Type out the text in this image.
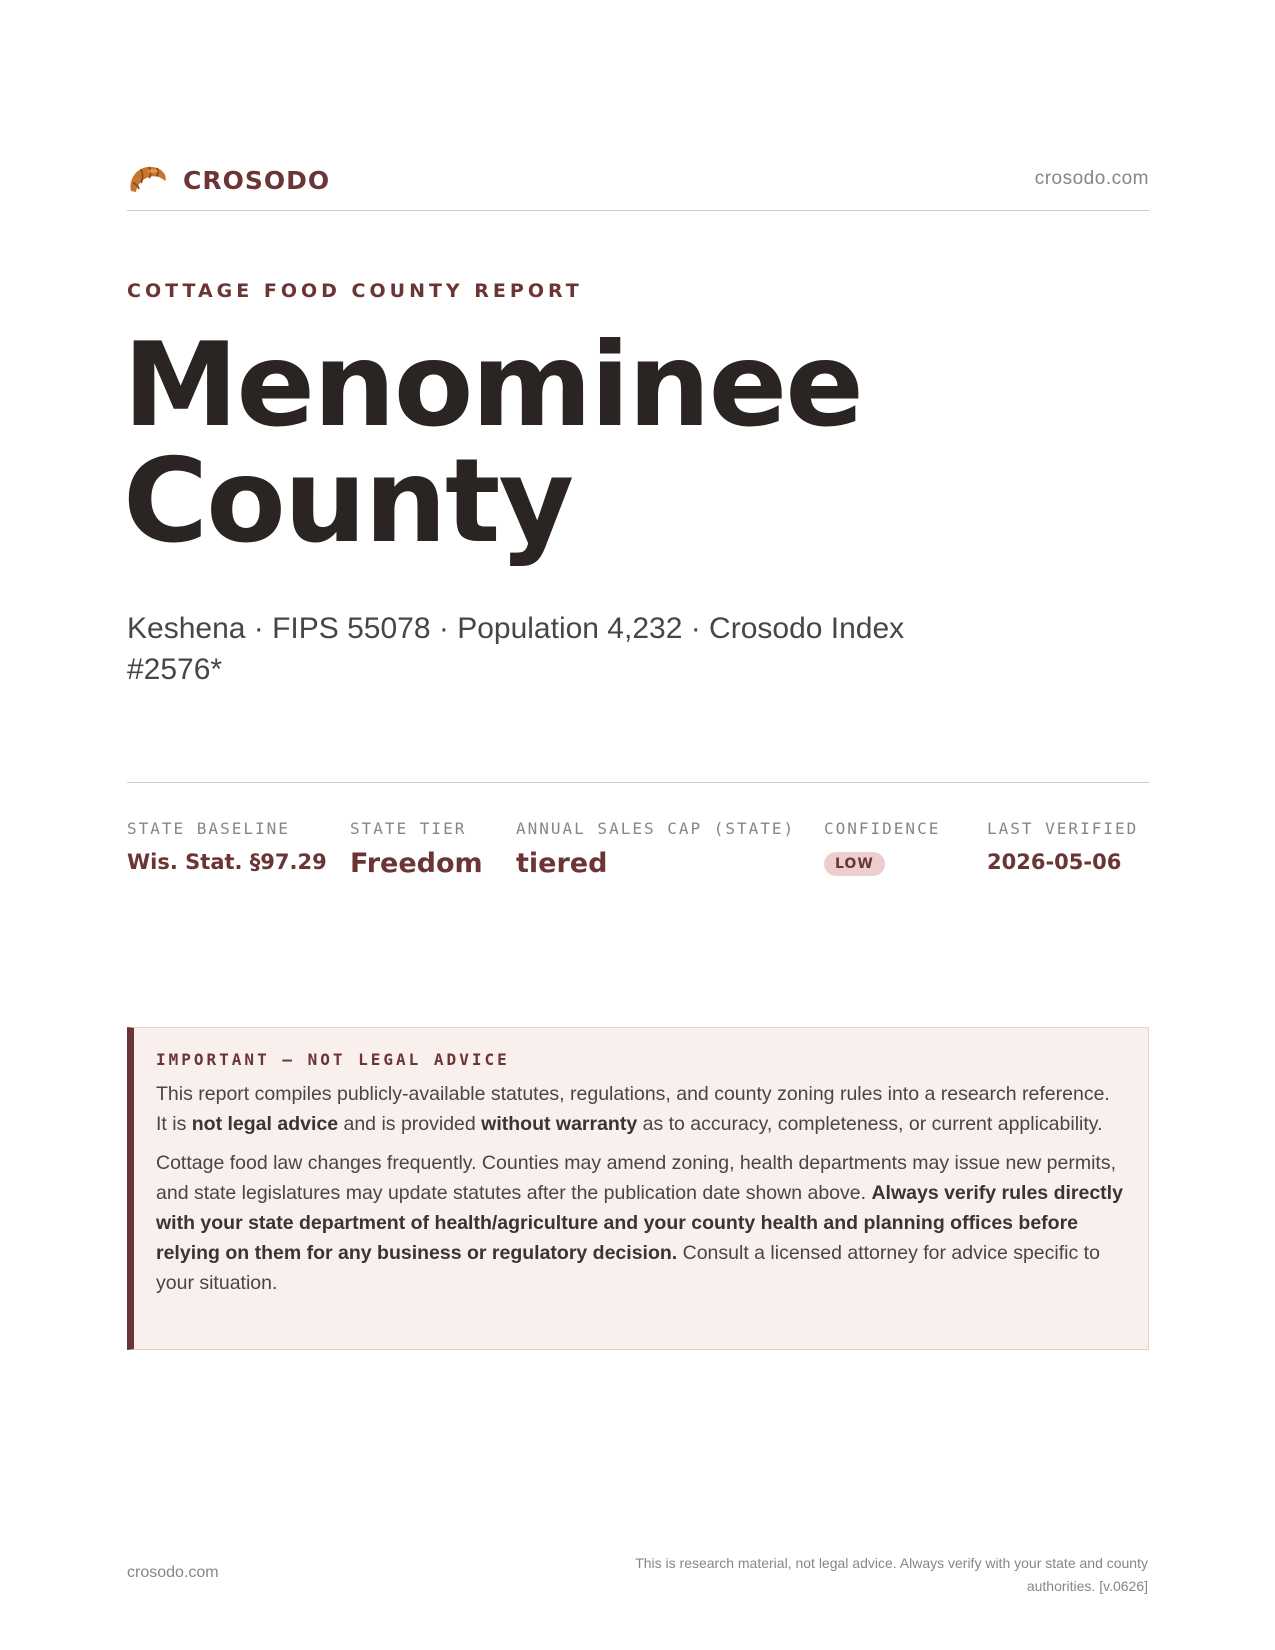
CROSODO	crosodo.com
COTTAGE FOOD COUNTY REPORT
Menominee
County
Keshena · FIPS 55078 · Population 4,232 · Crosodo Index #2576*
STATE BASELINE
Wis. Stat. §97.29
STATE TIER
Freedom
ANNUAL SALES CAP (STATE)
tiered
CONFIDENCE
LOW
LAST VERIFIED
2026-05-06
IMPORTANT — NOT LEGAL ADVICE

This report compiles publicly-available statutes, regulations, and county zoning rules into a research reference. It is not legal advice and is provided without warranty as to accuracy, completeness, or current applicability.

Cottage food law changes frequently. Counties may amend zoning, health departments may issue new permits, and state legislatures may update statutes after the publication date shown above. Always verify rules directly with your state department of health/agriculture and your county health and planning offices before relying on them for any business or regulatory decision. Consult a licensed attorney for advice specific to your situation.

crosodo.com
This is research material, not legal advice. Always verify with your state and county authorities. [v.0626]
